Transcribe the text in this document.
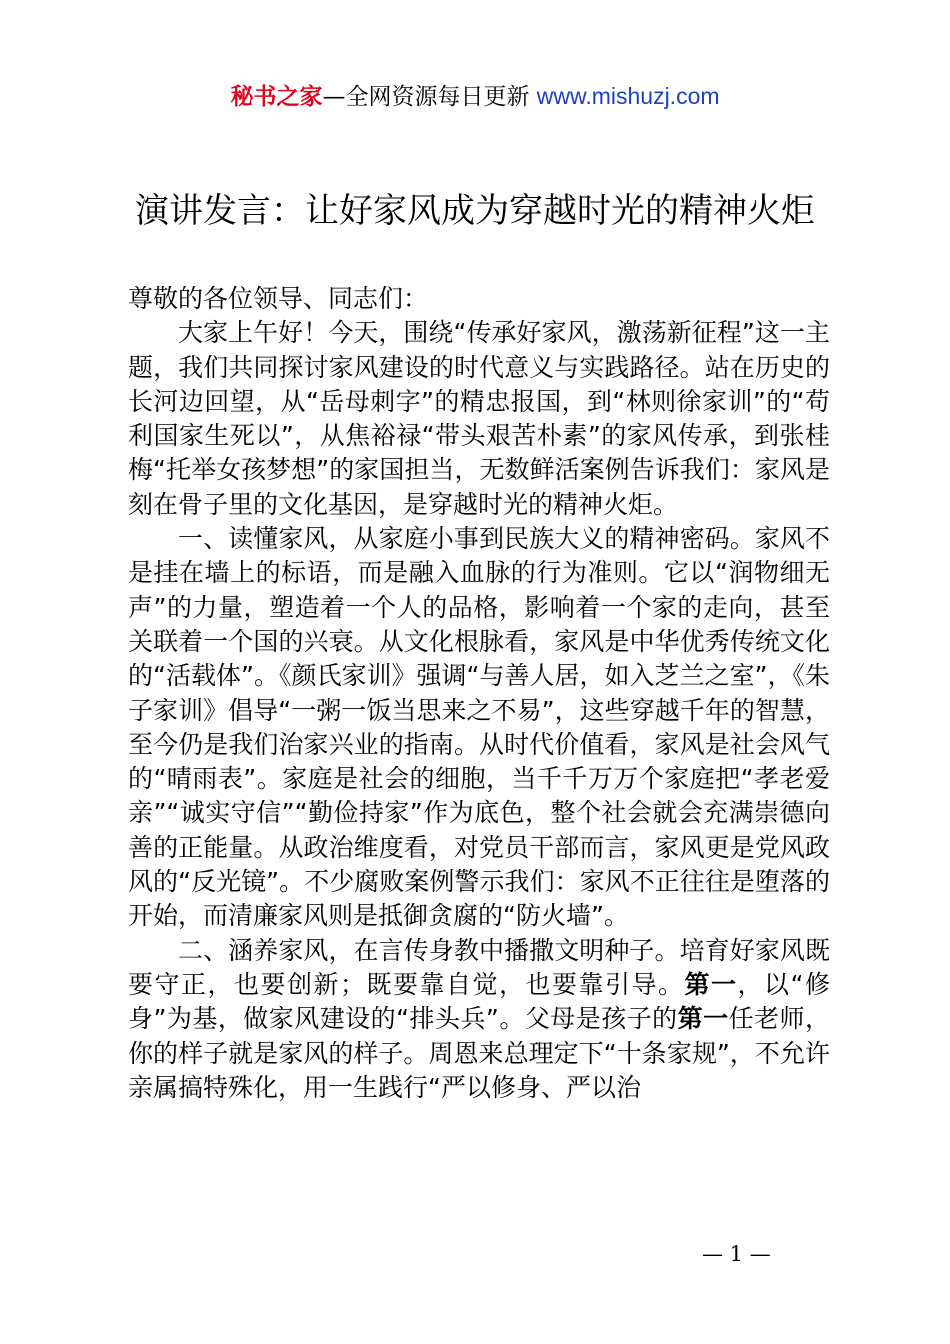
秘书之家—全网资源每日更新 www.mishuzj.com
演讲发言：让好家风成为穿越时光的精神火炬

尊敬的各位领导、同志们：

大家上午好！今天，围绕“传承好家风，激荡新征程”这一主题，我们共同探讨家风建设的时代意义与实践路径。站在历史的长河边回望，从“岳母刺字”的精忠报国，到“林则徐家训”的“苟利国家生死以”，从焦裕禄“带头艰苦朴素”的家风传承，到张桂梅“托举女孩梦想”的家国担当，无数鲜活案例告诉我们：家风是刻在骨子里的文化基因，是穿越时光的精神火炬。

一、读懂家风，从家庭小事到民族大义的精神密码。家风不是挂在墙上的标语，而是融入血脉的行为准则。它以“润物细无声”的力量，塑造着一个人的品格，影响着一个家的走向，甚至关联着一个国的兴衰。从文化根脉看，家风是中华优秀传统文化的“活载体”。《颜氏家训》强调“与善人居，如入芝兰之室”，《朱子家训》倡导“一粥一饭当思来之不易”，这些穿越千年的智慧，至今仍是我们治家兴业的指南。从时代价值看，家风是社会风气的“晴雨表”。家庭是社会的细胞，当千千万万个家庭把“孝老爱亲”“诚实守信”“勤俭持家”作为底色，整个社会就会充满崇德向善的正能量。从政治维度看，对党员干部而言，家风更是党风政风的“反光镜”。不少腐败案例警示我们：家风不正往往是堕落的开始，而清廉家风则是抵御贪腐的“防火墙”。

二、涵养家风，在言传身教中播撒文明种子。培育好家风既要守正，也要创新；既要靠自觉，也要靠引导。第一，以“修身”为基，做家风建设的“排头兵”。父母是孩子的第一任老师，你的样子就是家风的样子。周恩来总理定下“十条家规”，不允许亲属搞特殊化，用一生践行“严以修身、严以治

— 1 —
